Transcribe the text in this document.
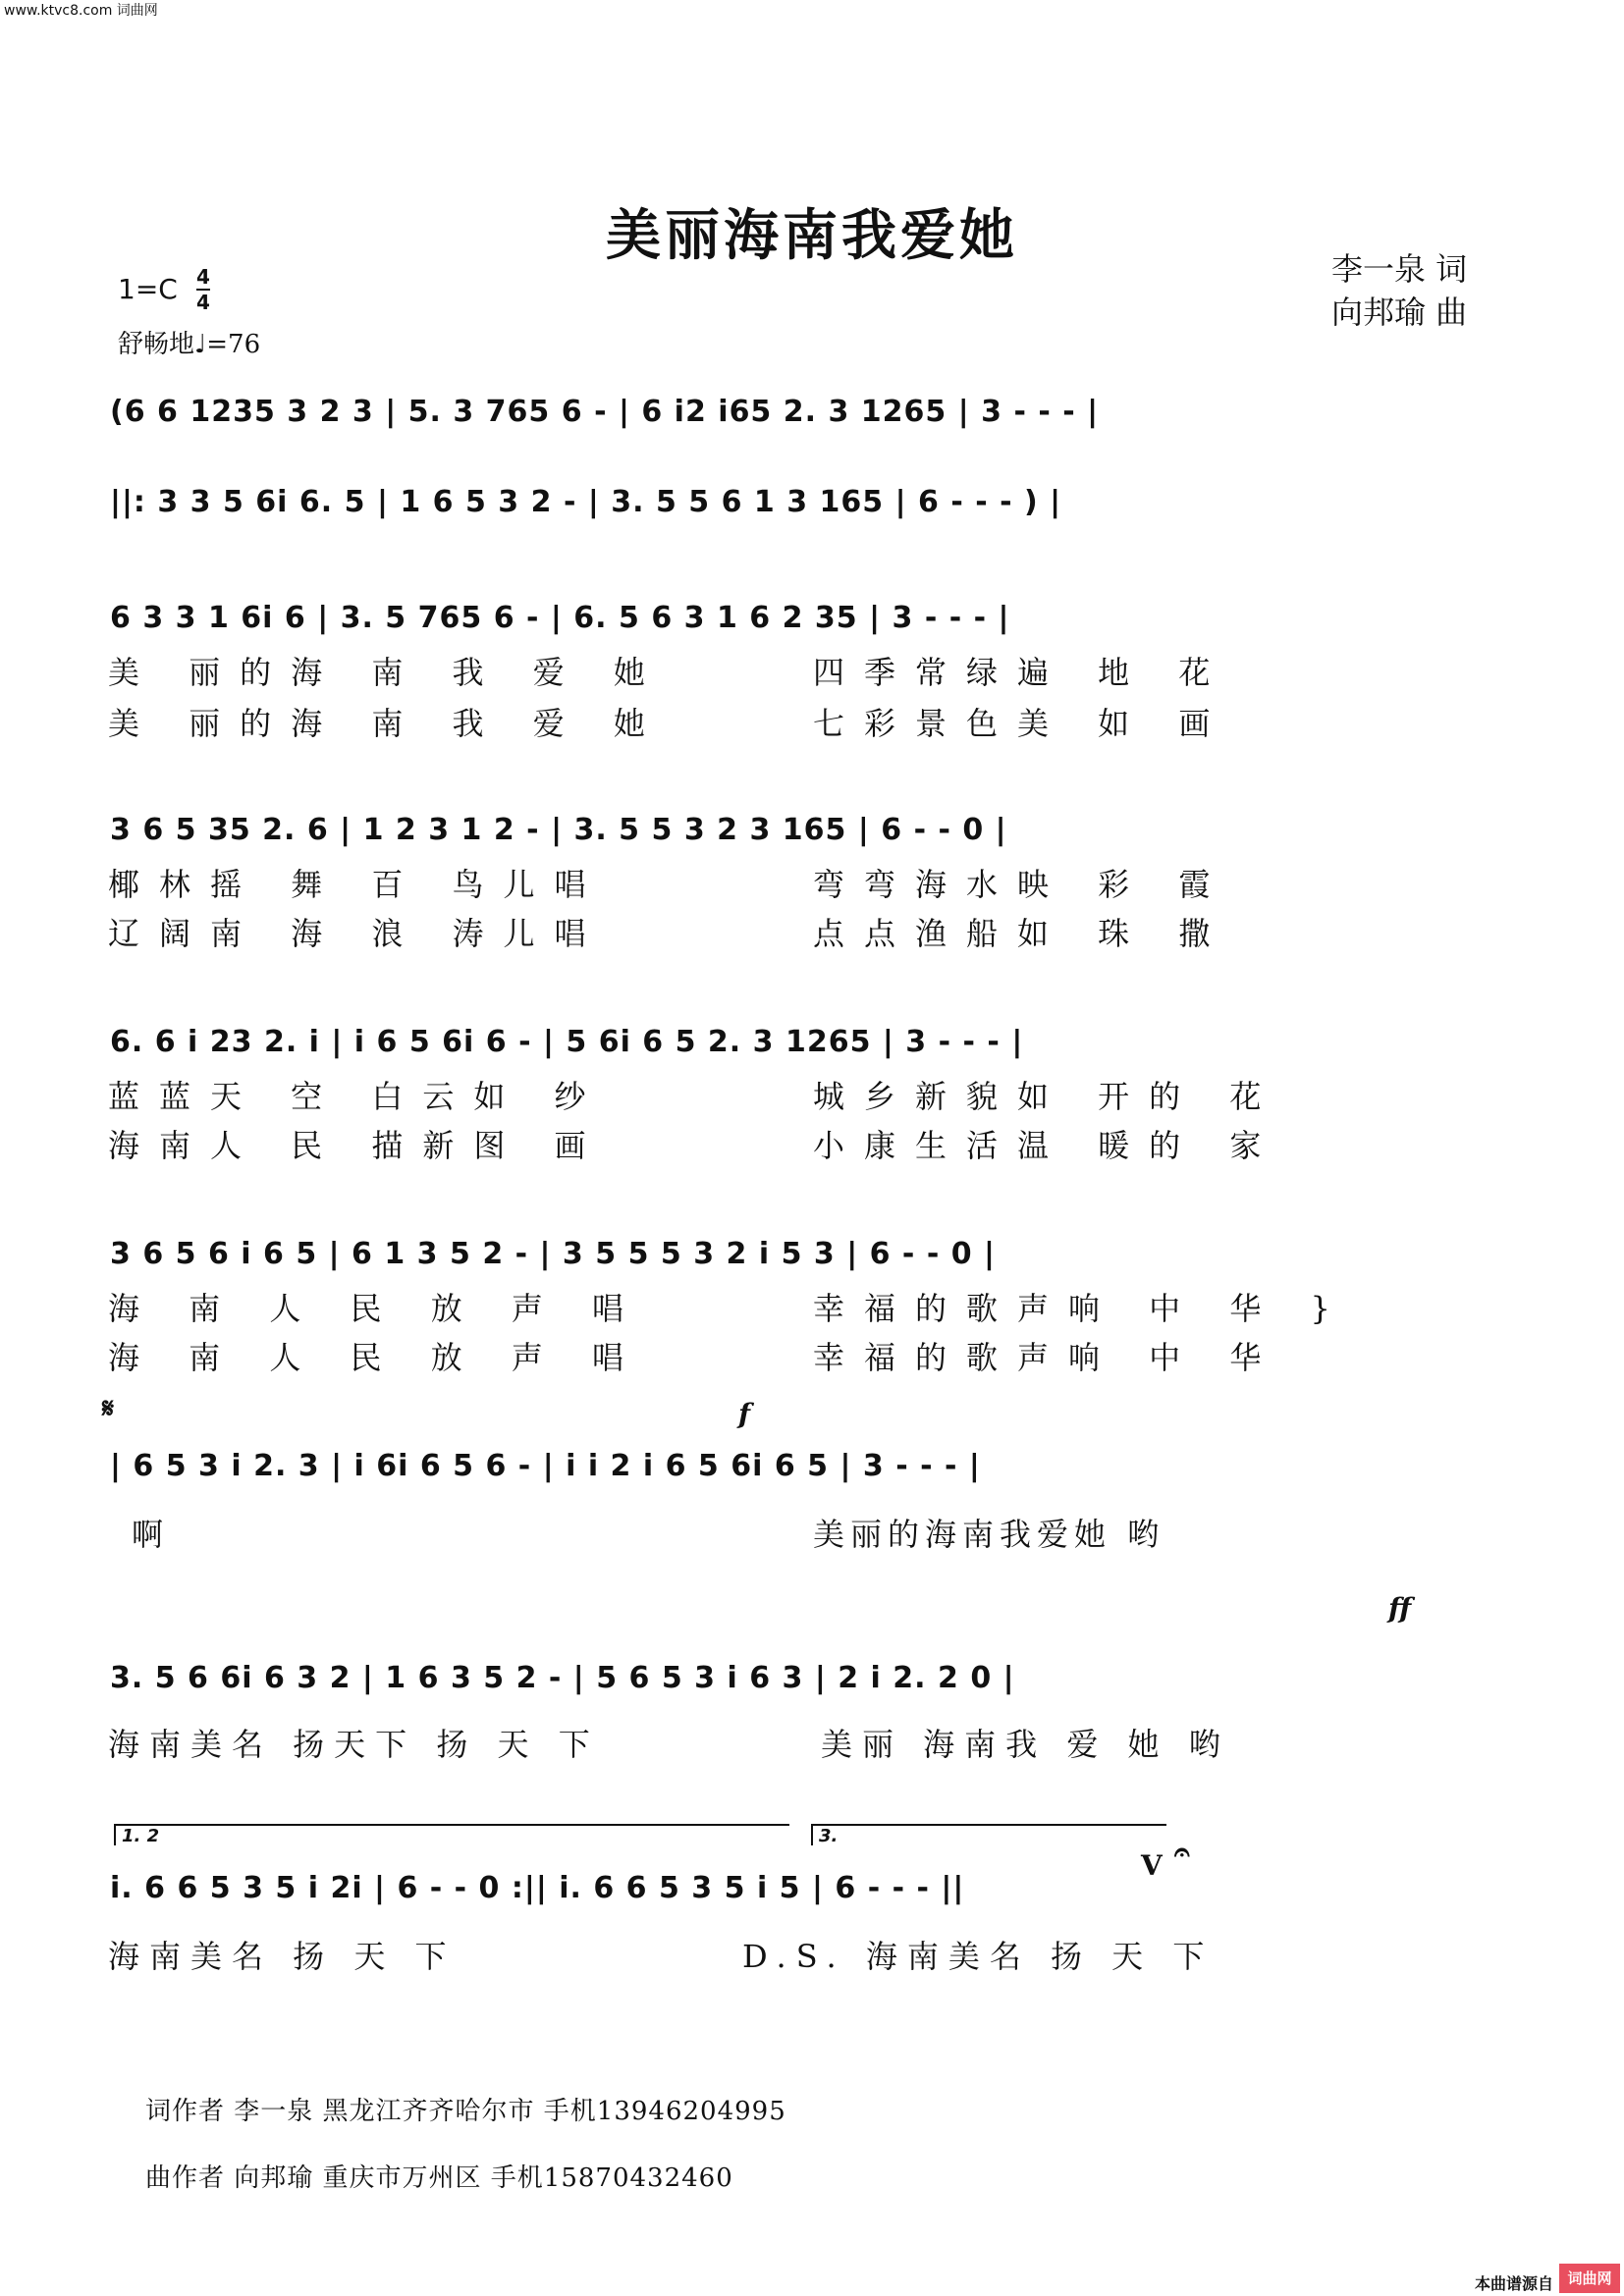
www.ktvc8.com 词曲网
美丽海南我爱她
李一泉 词
向邦瑜 曲
1=C 4
4
舒畅地♩=76
(6 6 1235 3 2 3 | 5. 3 765 6 - | 6 i2 i65 2. 3 1265 | 3 - - - |
||: 3 3 5 6i 6. 5 | 1 6 5 3 2 - | 3. 5 5 6 1 3 165 | 6 - - - ) |
6 3 3 1 6i 6 | 3. 5 765 6 - | 6. 5 6 3 1 6 2 35 | 3 - - - |
美 丽的海 南 我 爱 她	四季常绿遍 地 花
美 丽的海 南 我 爱 她	七彩景色美 如 画
3 6 5 35 2. 6 | 1 2 3 1 2 - | 3. 5 5 3 2 3 165 | 6 - - 0 |
椰林摇 舞 百 鸟儿唱	弯弯海水映 彩 霞
辽阔南 海 浪 涛儿唱	点点渔船如 珠 撒
6. 6 i 23 2. i | i 6 5 6i 6 - | 5 6i 6 5 2. 3 1265 | 3 - - - |
蓝蓝天 空 白云如 纱	城乡新貌如 开的 花
海南人 民 描新图 画	小康生活温 暖的 家
3 6 5 6 i 6 5 | 6 1 3 5 2 - | 3 5 5 5 3 2 i 5 3 | 6 - - 0 |
海 南 人 民 放 声 唱	幸福的歌声响 中 华 }
海 南 人 民 放 声 唱	幸福的歌声响 中 华
𝄋	f
| 6 5 3 i 2. 3 | i 6i 6 5 6 - | i i 2 i 6 5 6i 6 5 | 3 - - - |
啊	美丽的海南我爱她 哟
ff
3. 5 6 6i 6 3 2 | 1 6 3 5 2 - | 5 6 5 3 i 6 3 | 2 i 2. 2 0 |
海南美名 扬天下 扬 天 下	美丽 海南我 爱 她 哟
1. 2	3.
V 𝄐
i. 6 6 5 3 5 i 2i | 6 - - 0 :|| i. 6 6 5 3 5 i 5 | 6 - - - ||
海南美名 扬 天 下	D.S. 海南美名 扬 天 下
词作者 李一泉 黑龙江齐齐哈尔市 手机13946204995
曲作者 向邦瑜 重庆市万州区 手机15870432460
本曲谱源自 词曲网
